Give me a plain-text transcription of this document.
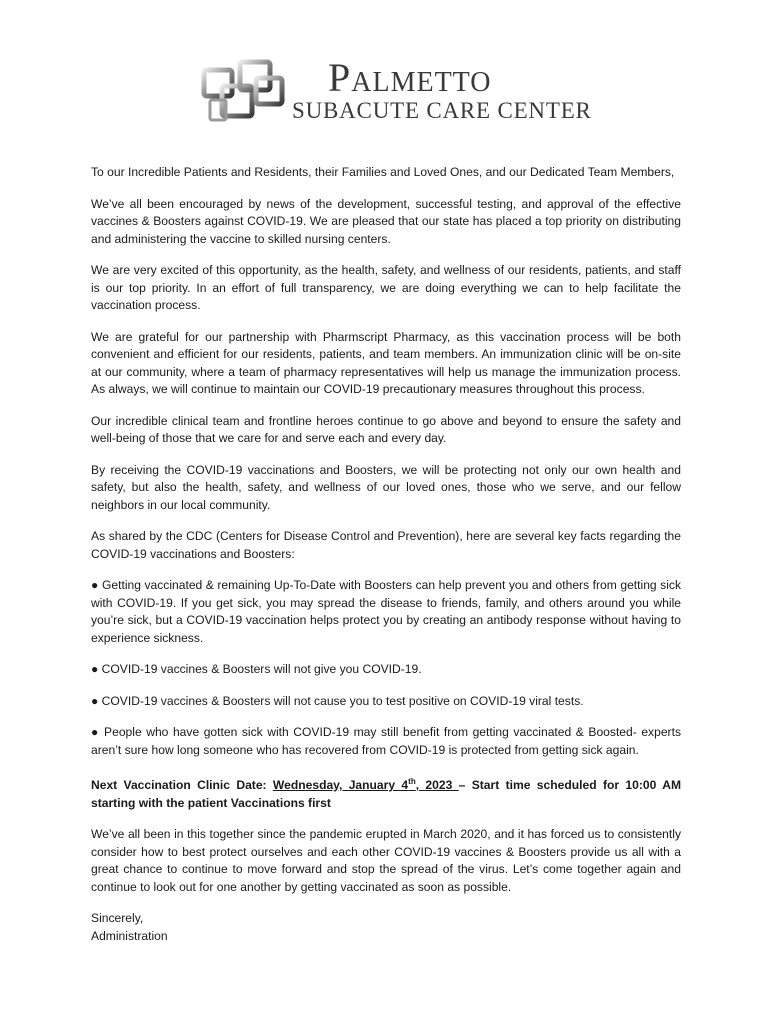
Palmetto
SUBACUTE CARE CENTER

To our Incredible Patients and Residents, their Families and Loved Ones, and our Dedicated Team Members,

We’ve all been encouraged by news of the development, successful testing, and approval of the effective vaccines & Boosters against COVID-19. We are pleased that our state has placed a top priority on distributing and administering the vaccine to skilled nursing centers.

We are very excited of this opportunity, as the health, safety, and wellness of our residents, patients, and staff is our top priority. In an effort of full transparency, we are doing everything we can to help facilitate the vaccination process.

We are grateful for our partnership with Pharmscript Pharmacy, as this vaccination process will be both convenient and efficient for our residents, patients, and team members. An immunization clinic will be on-site at our community, where a team of pharmacy representatives will help us manage the immunization process. As always, we will continue to maintain our COVID-19 precautionary measures throughout this process.

Our incredible clinical team and frontline heroes continue to go above and beyond to ensure the safety and well-being of those that we care for and serve each and every day.

By receiving the COVID-19 vaccinations and Boosters, we will be protecting not only our own health and safety, but also the health, safety, and wellness of our loved ones, those who we serve, and our fellow neighbors in our local community.

As shared by the CDC (Centers for Disease Control and Prevention), here are several key facts regarding the COVID-19 vaccinations and Boosters:

● Getting vaccinated & remaining Up-To-Date with Boosters can help prevent you and others from getting sick with COVID-19. If you get sick, you may spread the disease to friends, family, and others around you while you’re sick, but a COVID-19 vaccination helps protect you by creating an antibody response without having to experience sickness.

● COVID-19 vaccines & Boosters will not give you COVID-19.

● COVID-19 vaccines & Boosters will not cause you to test positive on COVID-19 viral tests.

● People who have gotten sick with COVID-19 may still benefit from getting vaccinated & Boosted- experts aren’t sure how long someone who has recovered from COVID-19 is protected from getting sick again.

Next Vaccination Clinic Date: Wednesday, January 4th, 2023 – Start time scheduled for 10:00 AM starting with the patient Vaccinations first

We’ve all been in this together since the pandemic erupted in March 2020, and it has forced us to consistently consider how to best protect ourselves and each other COVID-19 vaccines & Boosters provide us all with a great chance to continue to move forward and stop the spread of the virus. Let’s come together again and continue to look out for one another by getting vaccinated as soon as possible.

Sincerely,

Administration
